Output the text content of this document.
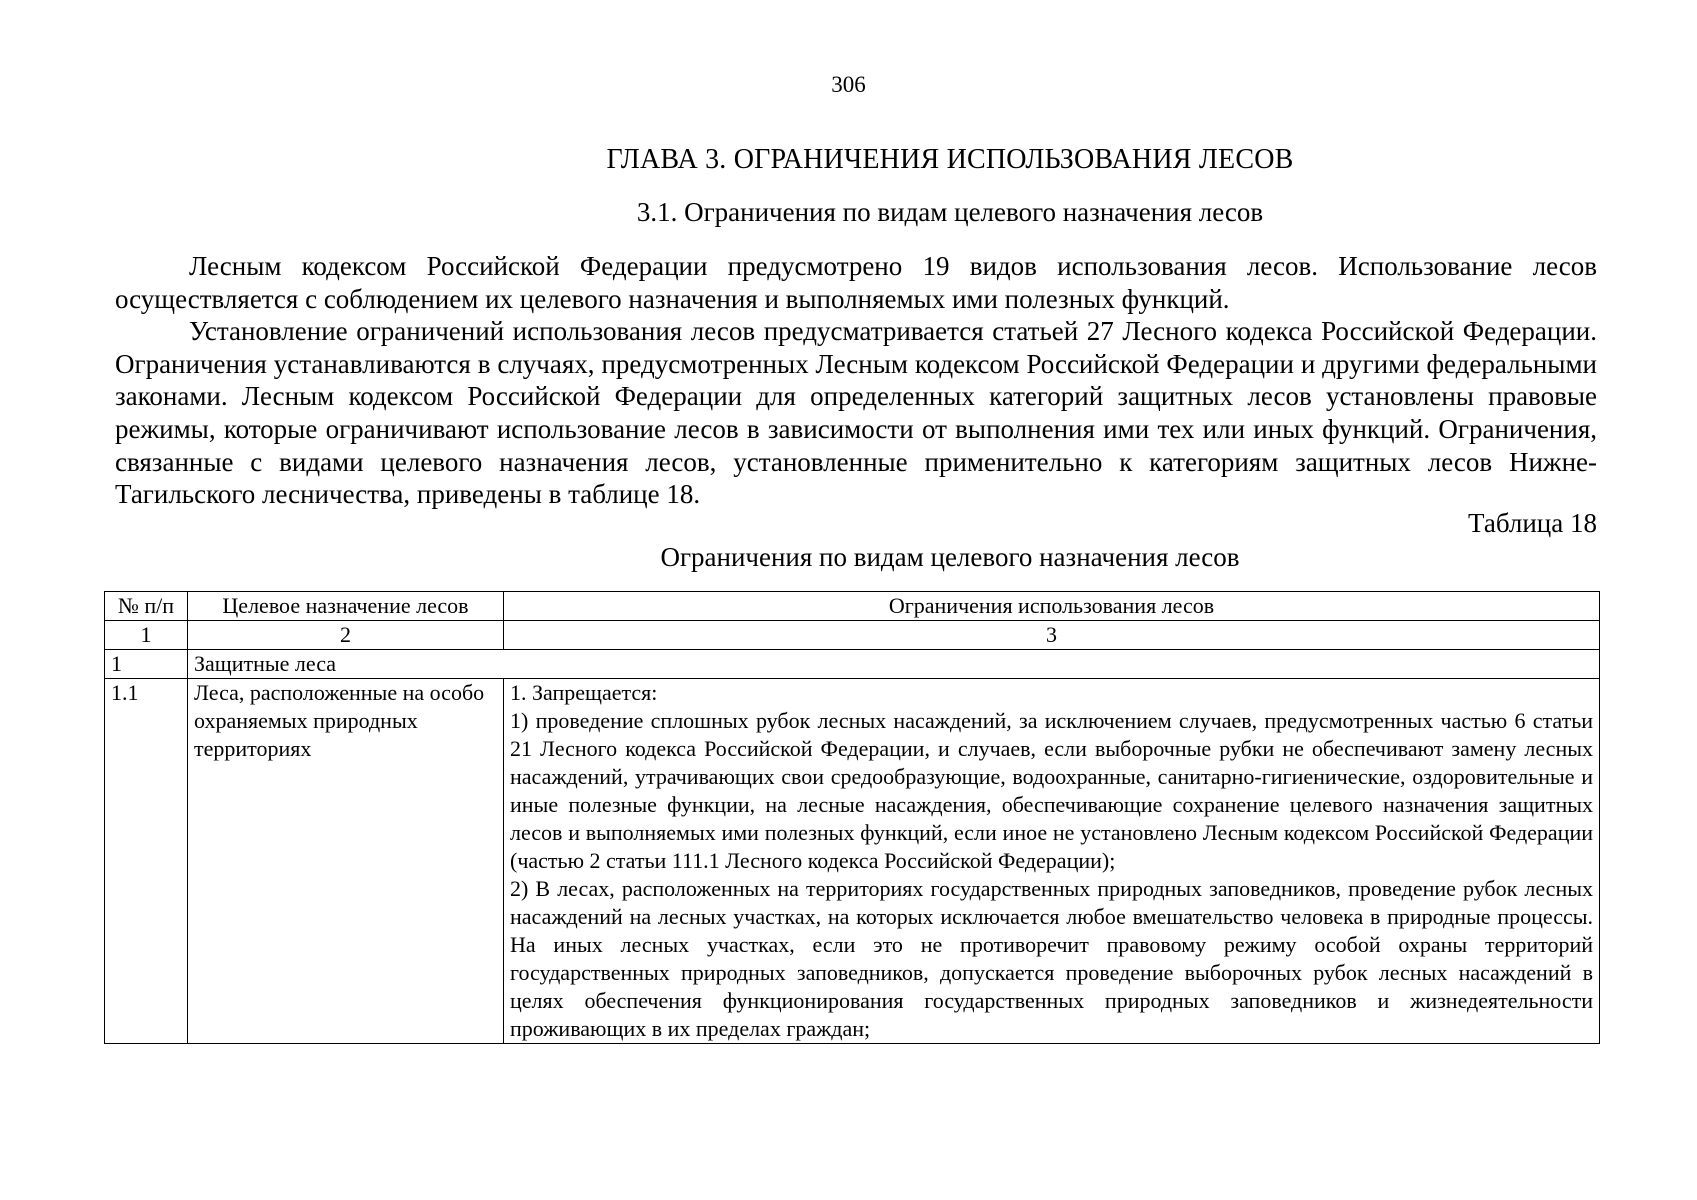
306
ГЛАВА 3. ОГРАНИЧЕНИЯ ИСПОЛЬЗОВАНИЯ ЛЕСОВ
3.1. Ограничения по видам целевого назначения лесов

Лесным кодексом Российской Федерации предусмотрено 19 видов использования лесов. Использование лесов осуществляется с соблюдением их целевого назначения и выполняемых ими полезных функций.

Установление ограничений использования лесов предусматривается статьей 27 Лесного кодекса Российской Федерации. Ограничения устанавливаются в случаях, предусмотренных Лесным кодексом Российской Федерации и другими федеральными законами. Лесным кодексом Российской Федерации для определенных категорий защитных лесов установлены правовые режимы, которые ограничивают использование лесов в зависимости от выполнения ими тех или иных функций. Ограничения, связанные с видами целевого назначения лесов, установленные применительно к категориям защитных лесов Нижне-Тагильского лесничества, приведены в таблице 18.

Таблица 18
Ограничения по видам целевого назначения лесов
№ п/п	Целевое назначение лесов	Ограничения использования лесов
1	2	3
1	Защитные леса	
1.1	Леса, расположенные на особо охраняемых природных территориях	1. Запрещается:
1) проведение сплошных рубок лесных насаждений, за исключением случаев, предусмотренных частью 6 статьи 21 Лесного кодекса Российской Федерации, и случаев, если выборочные рубки не обеспечивают замену лесных насаждений, утрачивающих свои средообразующие, водоохранные, санитарно-гигиенические, оздоровительные и иные полезные функции, на лесные насаждения, обеспечивающие сохранение целевого назначения защитных лесов и выполняемых ими полезных функций, если иное не установлено Лесным кодексом Российской Федерации (частью 2 статьи 111.1 Лесного кодекса Российской Федерации);
2) В лесах, расположенных на территориях государственных природных заповедников, проведение рубок лесных насаждений на лесных участках, на которых исключается любое вмешательство человека в природные процессы. На иных лесных участках, если это не противоречит правовому режиму особой охраны территорий государственных природных заповедников, допускается проведение выборочных рубок лесных насаждений в целях обеспечения функционирования государственных природных заповедников и жизнедеятельности проживающих в их пределах граждан;
